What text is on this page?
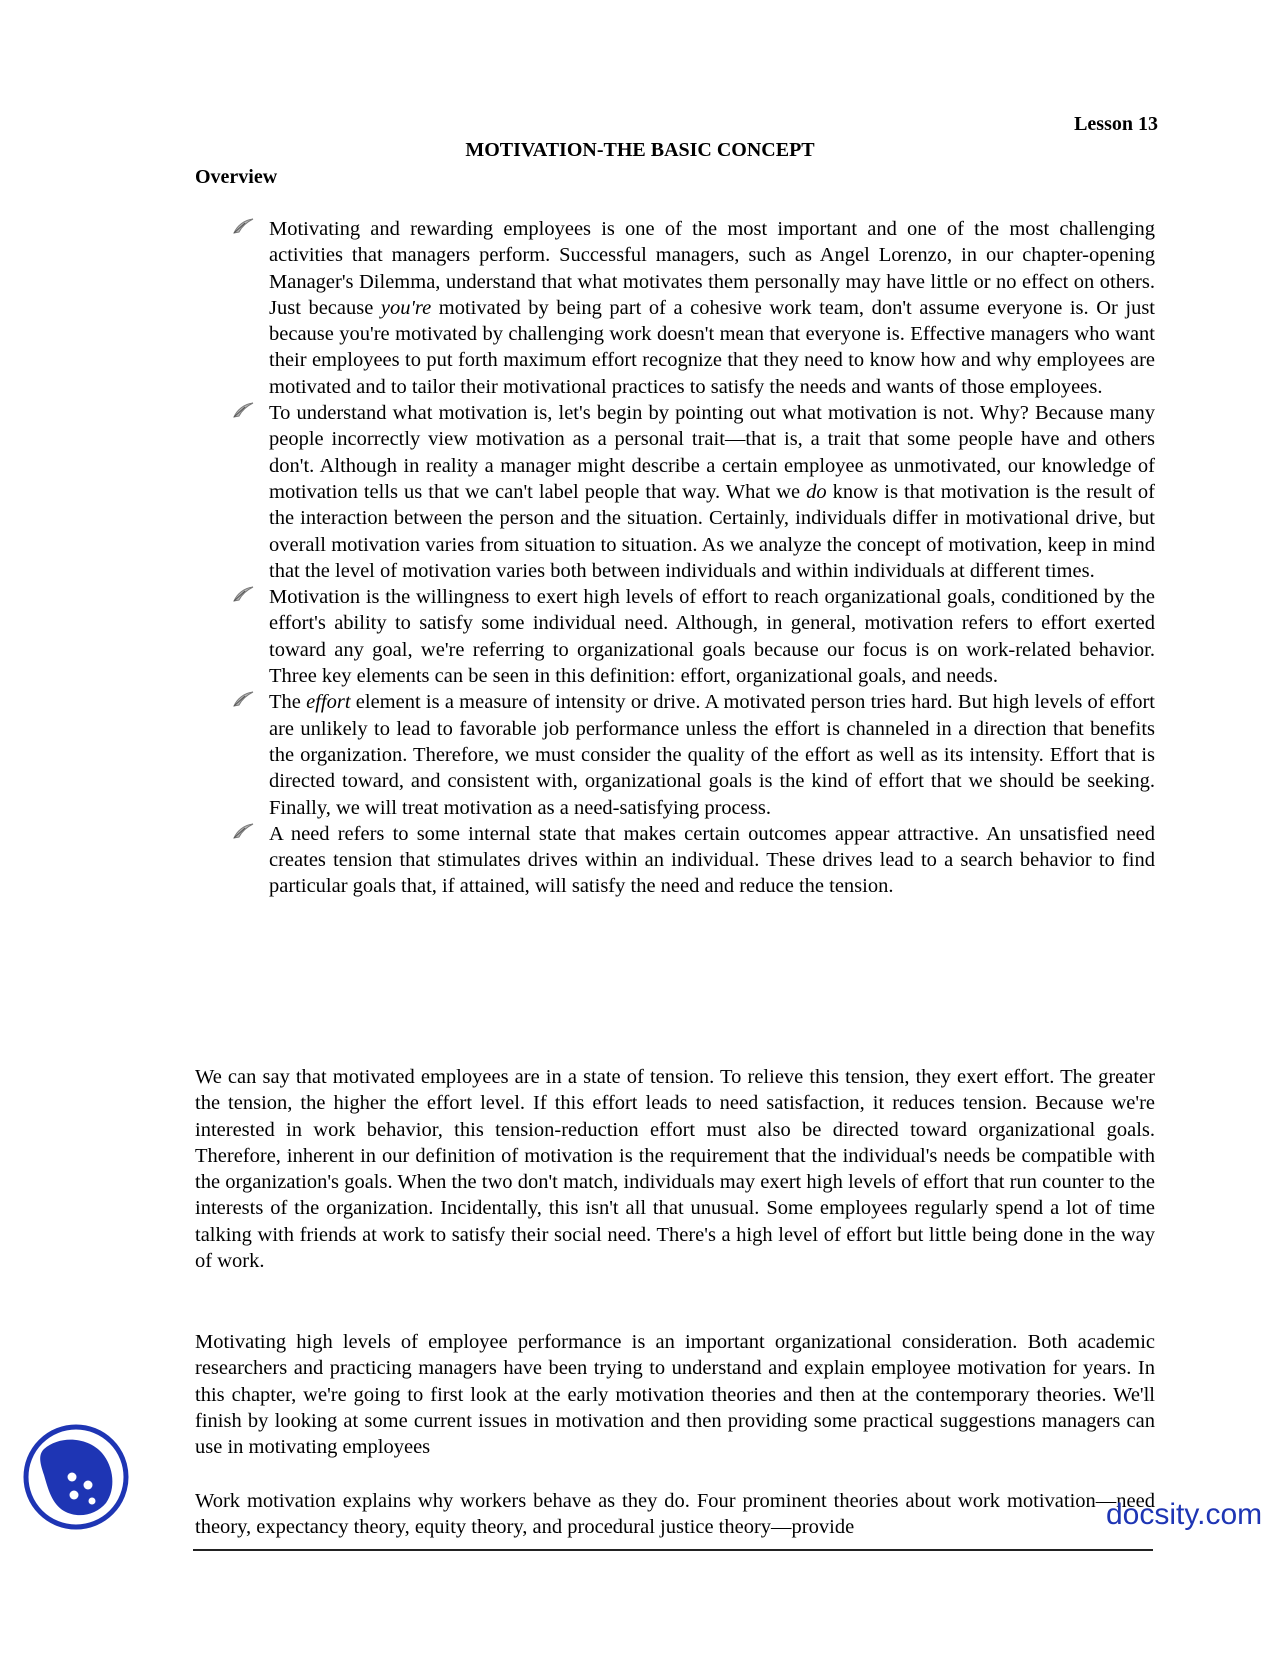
Lesson 13
MOTIVATION-THE BASIC CONCEPT
Overview

Motivating and rewarding employees is one of the most important and one of the most challenging activities that managers perform. Successful managers, such as Angel Lorenzo, in our chapter-opening Manager's Dilemma, understand that what motivates them personally may have little or no effect on others. Just because you're motivated by being part of a cohesive work team, don't assume everyone is. Or just because you're motivated by challenging work doesn't mean that everyone is. Effective managers who want their employees to put forth maximum effort recognize that they need to know how and why employees are motivated and to tailor their motivational practices to satisfy the needs and wants of those employees.

To understand what motivation is, let's begin by pointing out what motivation is not. Why? Because many people incorrectly view motivation as a personal trait—that is, a trait that some people have and others don't. Although in reality a manager might describe a certain employee as unmotivated, our knowledge of motivation tells us that we can't label people that way. What we do know is that motivation is the result of the interaction between the person and the situation. Certainly, individuals differ in motivational drive, but overall motivation varies from situation to situation. As we analyze the concept of motivation, keep in mind that the level of motivation varies both between individuals and within individuals at different times.

Motivation is the willingness to exert high levels of effort to reach organizational goals, conditioned by the effort's ability to satisfy some individual need. Although, in general, motivation refers to effort exerted toward any goal, we're referring to organizational goals because our focus is on work-related behavior. Three key elements can be seen in this definition: effort, organizational goals, and needs.

The effort element is a measure of intensity or drive. A motivated person tries hard. But high levels of effort are unlikely to lead to favorable job performance unless the effort is channeled in a direction that benefits the organization. Therefore, we must consider the quality of the effort as well as its intensity. Effort that is directed toward, and consistent with, organizational goals is the kind of effort that we should be seeking. Finally, we will treat motivation as a need-satisfying process.

A need refers to some internal state that makes certain outcomes appear attractive. An unsatisfied need creates tension that stimulates drives within an individual. These drives lead to a search behavior to find particular goals that, if attained, will satisfy the need and reduce the tension.

We can say that motivated employees are in a state of tension. To relieve this tension, they exert effort. The greater the tension, the higher the effort level. If this effort leads to need satisfaction, it reduces tension. Because we're interested in work behavior, this tension-reduction effort must also be directed toward organizational goals. Therefore, inherent in our definition of motivation is the requirement that the individual's needs be compatible with the organization's goals. When the two don't match, individuals may exert high levels of effort that run counter to the interests of the organization. Incidentally, this isn't all that unusual. Some employees regularly spend a lot of time talking with friends at work to satisfy their social need. There's a high level of effort but little being done in the way of work.

Motivating high levels of employee performance is an important organizational consideration. Both academic researchers and practicing managers have been trying to understand and explain employee motivation for years. In this chapter, we're going to first look at the early motivation theories and then at the contemporary theories. We'll finish by looking at some current issues in motivation and then providing some practical suggestions managers can use in motivating employees

Work motivation explains why workers behave as they do. Four prominent theories about work motivation—need theory, expectancy theory, equity theory, and procedural justice theory—provide	docsity.com
